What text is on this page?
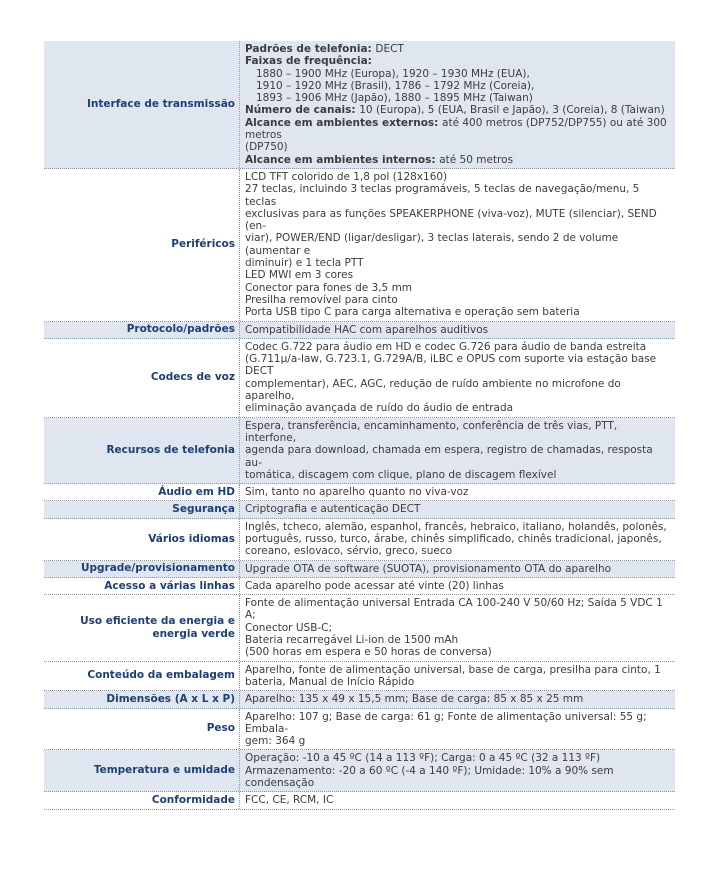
Interface de transmissão
Padrões de telefonia: DECT
Faixas de frequência:
1880 – 1900 MHz (Europa), 1920 – 1930 MHz (EUA),
1910 – 1920 MHz (Brasil), 1786 – 1792 MHz (Coreia),
1893 – 1906 MHz (Japão), 1880 – 1895 MHz (Taiwan)
Número de canais: 10 (Europa), 5 (EUA, Brasil e Japão), 3 (Coreia), 8 (Taiwan)
Alcance em ambientes externos: até 400 metros (DP752/DP755) ou até 300 metros
(DP750)
Alcance em ambientes internos: até 50 metros
Periféricos
LCD TFT colorido de 1,8 pol (128x160)
27 teclas, incluindo 3 teclas programáveis, 5 teclas de navegação/menu, 5 teclas
exclusivas para as funções SPEAKERPHONE (viva-voz), MUTE (silenciar), SEND (en-
viar), POWER/END (ligar/desligar), 3 teclas laterais, sendo 2 de volume (aumentar e
diminuir) e 1 tecla PTT
LED MWI em 3 cores
Conector para fones de 3,5 mm
Presilha removível para cinto
Porta USB tipo C para carga alternativa e operação sem bateria
Protocolo/padrões Compatibilidade HAC com aparelhos auditivos
Codecs de voz
Codec G.722 para áudio em HD e codec G.726 para áudio de banda estreita
(G.711μ/a-law, G.723.1, G.729A/B, iLBC e OPUS com suporte via estação base DECT
complementar), AEC, AGC, redução de ruído ambiente no microfone do aparelho,
eliminação avançada de ruído do áudio de entrada
Recursos de telefonia
Espera, transferência, encaminhamento, conferência de três vias, PTT, interfone,
agenda para download, chamada em espera, registro de chamadas, resposta au-
tomática, discagem com clique, plano de discagem flexível
Áudio em HD Sim, tanto no aparelho quanto no viva-voz
Segurança Criptografia e autenticação DECT
Vários idiomas
Inglês, tcheco, alemão, espanhol, francês, hebraico, italiano, holandês, polonês,
português, russo, turco, árabe, chinês simplificado, chinês tradicional, japonês,
coreano, eslovaco, sérvio, greco, sueco
Upgrade/provisionamento Upgrade OTA de software (SUOTA), provisionamento OTA do aparelho
Acesso a várias linhas Cada aparelho pode acessar até vinte (20) linhas
Uso eficiente da energia e energia verde
Fonte de alimentação universal Entrada CA 100-240 V 50/60 Hz; Saída 5 VDC 1 A;
Conector USB-C;
Bateria recarregável Li-ion de 1500 mAh
(500 horas em espera e 50 horas de conversa)
Conteúdo da embalagem Aparelho, fonte de alimentação universal, base de carga, presilha para cinto, 1
bateria, Manual de Início Rápido
Dimensões (A x L x P) Aparelho: 135 x 49 x 15,5 mm; Base de carga: 85 x 85 x 25 mm
Peso
Aparelho: 107 g; Base de carga: 61 g; Fonte de alimentação universal: 55 g; Embala-
gem: 364 g
Temperatura e umidade
Operação: -10 a 45 ºC (14 a 113 ºF); Carga: 0 a 45 ºC (32 a 113 ºF)
Armazenamento: -20 a 60 ºC (-4 a 140 ºF); Umidade: 10% a 90% sem condensação
Conformidade FCC, CE, RCM, IC
